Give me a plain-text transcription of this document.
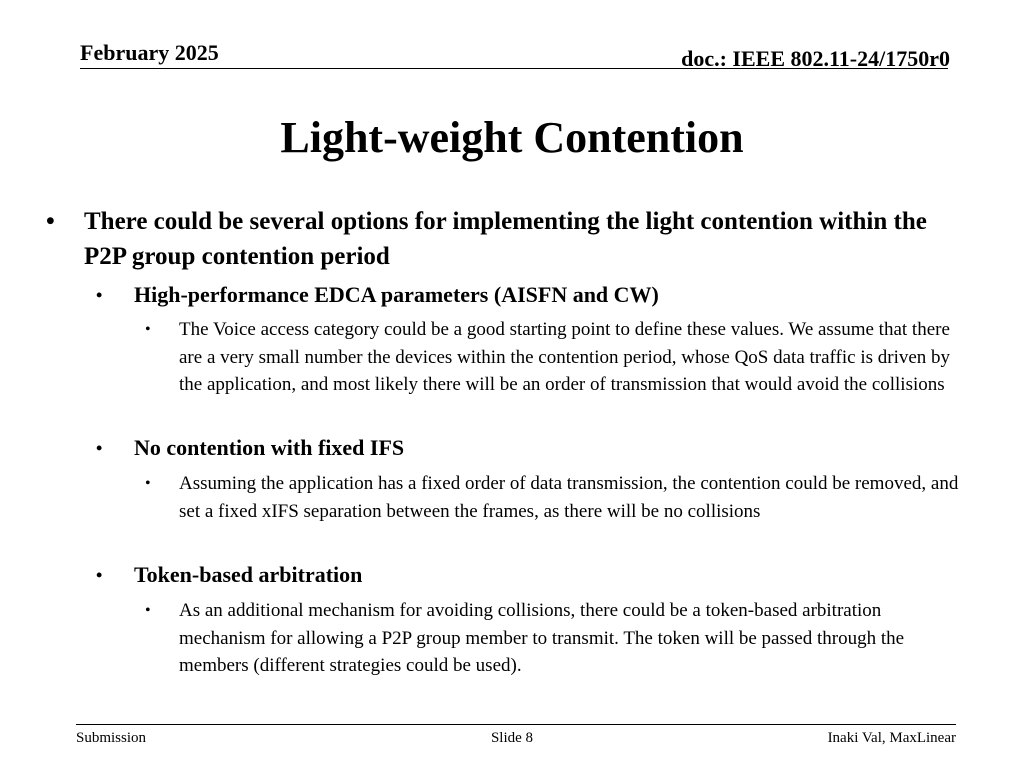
February 2025	doc.: IEEE 802.11-24/1750r0
Light-weight Contention
• There could be several options for implementing the light contention within the P2P group contention period
• High-performance EDCA parameters (AISFN and CW)
• The Voice access category could be a good starting point to define these values. We assume that there are a very small number the devices within the contention period, whose QoS data traffic is driven by the application, and most likely there will be an order of transmission that would avoid the collisions
• No contention with fixed IFS
• Assuming the application has a fixed order of data transmission, the contention could be removed, and set a fixed xIFS separation between the frames, as there will be no collisions
• Token-based arbitration
• As an additional mechanism for avoiding collisions, there could be a token-based arbitration mechanism for allowing a P2P group member to transmit. The token will be passed through the members (different strategies could be used).
Submission	Slide 8	Inaki Val, MaxLinear
